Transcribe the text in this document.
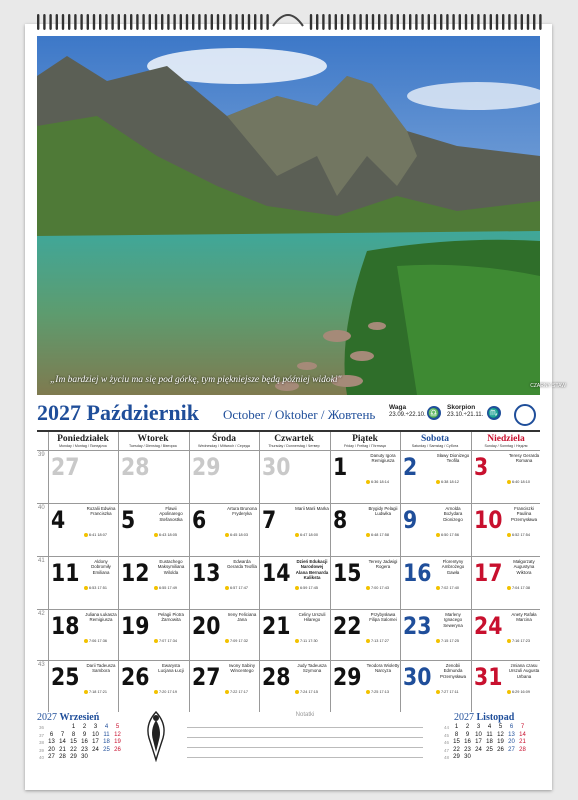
„Im bardziej w życiu ma się pod górkę, tym piękniejsze będą później widoki"
CZARNY STAW
2027 Październik October / Oktober / Жовтень Waga
23.09.÷22.10. ♎
Skorpion
23.10.÷21.11. ♏
Poniedziałek
Monday / Montag / Понеділок
Wtorek
Tuesday / Dienstag / Вівторок
Środa
Wednesday / Mittwoch / Середа
Czwartek
Thursday / Donnerstag / Четвер
Piątek
Friday / Freitag / П'ятниця
Sobota
Saturday / Samstag / Субота
Niedziela
Sunday / Sonntag / Неділя
39 27 28 29 30 1	Danuty Igora Remigiusza
6:36 18:14
2	Sławy Dionizego Teofila
6:38 18:12
3	Teresy Gerarda Romana
6:40 18:10
40 4	Rozalii Edwina Franciszka
6:41 18:07
5	Flawii Apolinarego Stefanostka
6:43 18:05
6	Artura Brunona Fryderyka
6:45 18:03
7	Marii Marii Marka
6:47 18:00
8	Brygidy Pelagii Ludwika
6:48 17:58
9	Arnolda Bożydara Dionizego
6:50 17:56
10	Franciszki Paulina Przemysława
6:52 17:54
41 11	Aldony Dobromiły Emiliana
6:53 17:51
12	Eustachego Maksymiliana Wilolda
6:55 17:49
13	Edwarda Gerarda Teofila
6:57 17:47
14	Dzień Edukacji Narodowej Alana Bernarda Kaliksta
6:59 17:45
15	Teresy Jadwigi Rogera
7:00 17:43
16	Florentyny Ambrożego Gawła
7:02 17:40
17	Małgorzaty Augustyna Wiktora
7:04 17:38
42 18 Juliana Łukasza Remigiusza
7:06 17:36
19	Pelagii Piotra Żarnowita
7:07 17:34
20	Ireny Feliciana Jana
7:09 17:32
21	Celiny Urszuli Hilarego
7:11 17:30
22	Przybysława Filipa Salomei
7:13 17:27
23	Marleny Ignacego Seweryna
7:15 17:25
24	Anety Rafała Marcina
7:16 17:23
43 25	Darii Tadeusza Sambora
7:18 17:21
26	Ewarysta Lucjana Łucji
7:20 17:19
27	Iwony Sabiny Wincentego
7:22 17:17
28	Judy Tadeusza Szymona
7:24 17:15
29 Teodora Wioletty Narcyza
7:25 17:13
30	Zenobii Edmunda Przemysława
7:27 17:11
31	zmiana czasu Urszuli Augusta Urbana
6:29 16:09
2027 Wrzesień
36			1	2	3	4	5
37	6	7	8	9	10	11	12
38	13	14	15	16	17	18	19
39	20	21	22	23	24	25	26
40	27	28	29	30			
Notatki	2027 Listopad
44	1	2	3	4	5	6	7
45	8	9	10	11	12	13	14
46	15	16	17	18	19	20	21
47	22	23	24	25	26	27	28
48	29	30					
